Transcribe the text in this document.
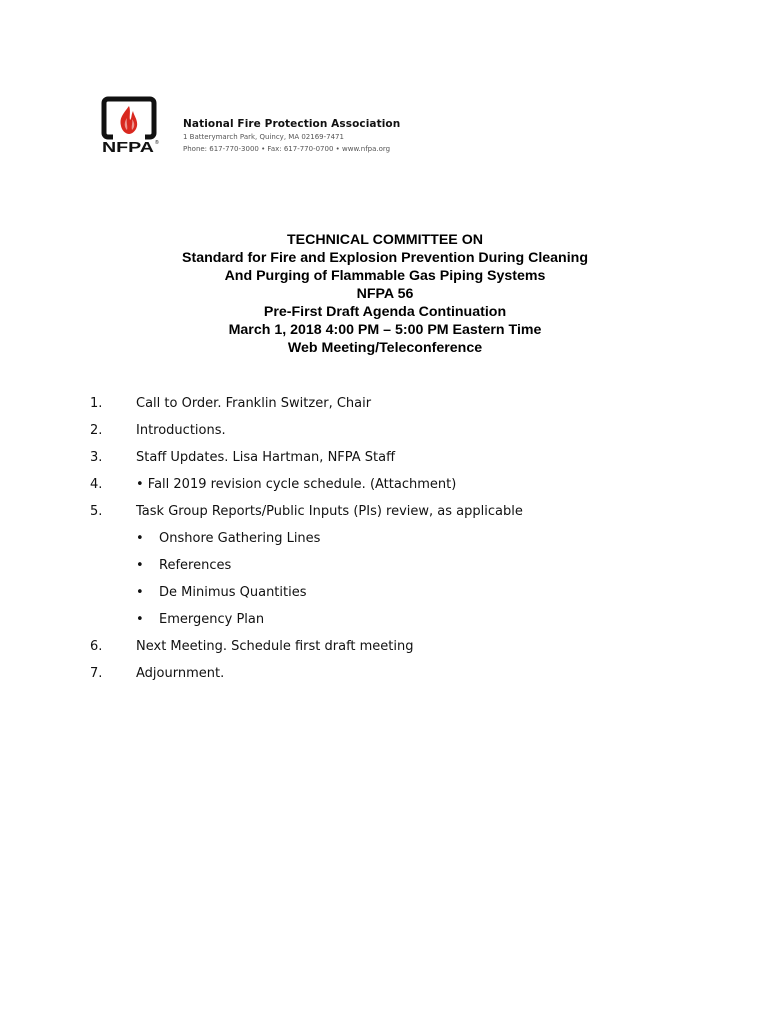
NFPA ®
National Fire Protection Association
1 Batterymarch Park, Quincy, MA 02169-7471
Phone: 617-770-3000 • Fax: 617-770-0700 • www.nfpa.org
TECHNICAL COMMITTEE ON
Standard for Fire and Explosion Prevention During Cleaning
And Purging of Flammable Gas Piping Systems
NFPA 56
Pre-First Draft Agenda Continuation
March 1, 2018 4:00 PM – 5:00 PM Eastern Time
Web Meeting/Teleconference
1.	Call to Order. Franklin Switzer, Chair
2.	Introductions.
3.	Staff Updates. Lisa Hartman, NFPA Staff
4.	• Fall 2019 revision cycle schedule. (Attachment)
5.	Task Group Reports/Public Inputs (PIs) review, as applicable
• Onshore Gathering Lines
• References
• De Minimus Quantities
• Emergency Plan
6.	Next Meeting. Schedule first draft meeting
7.	Adjournment.
